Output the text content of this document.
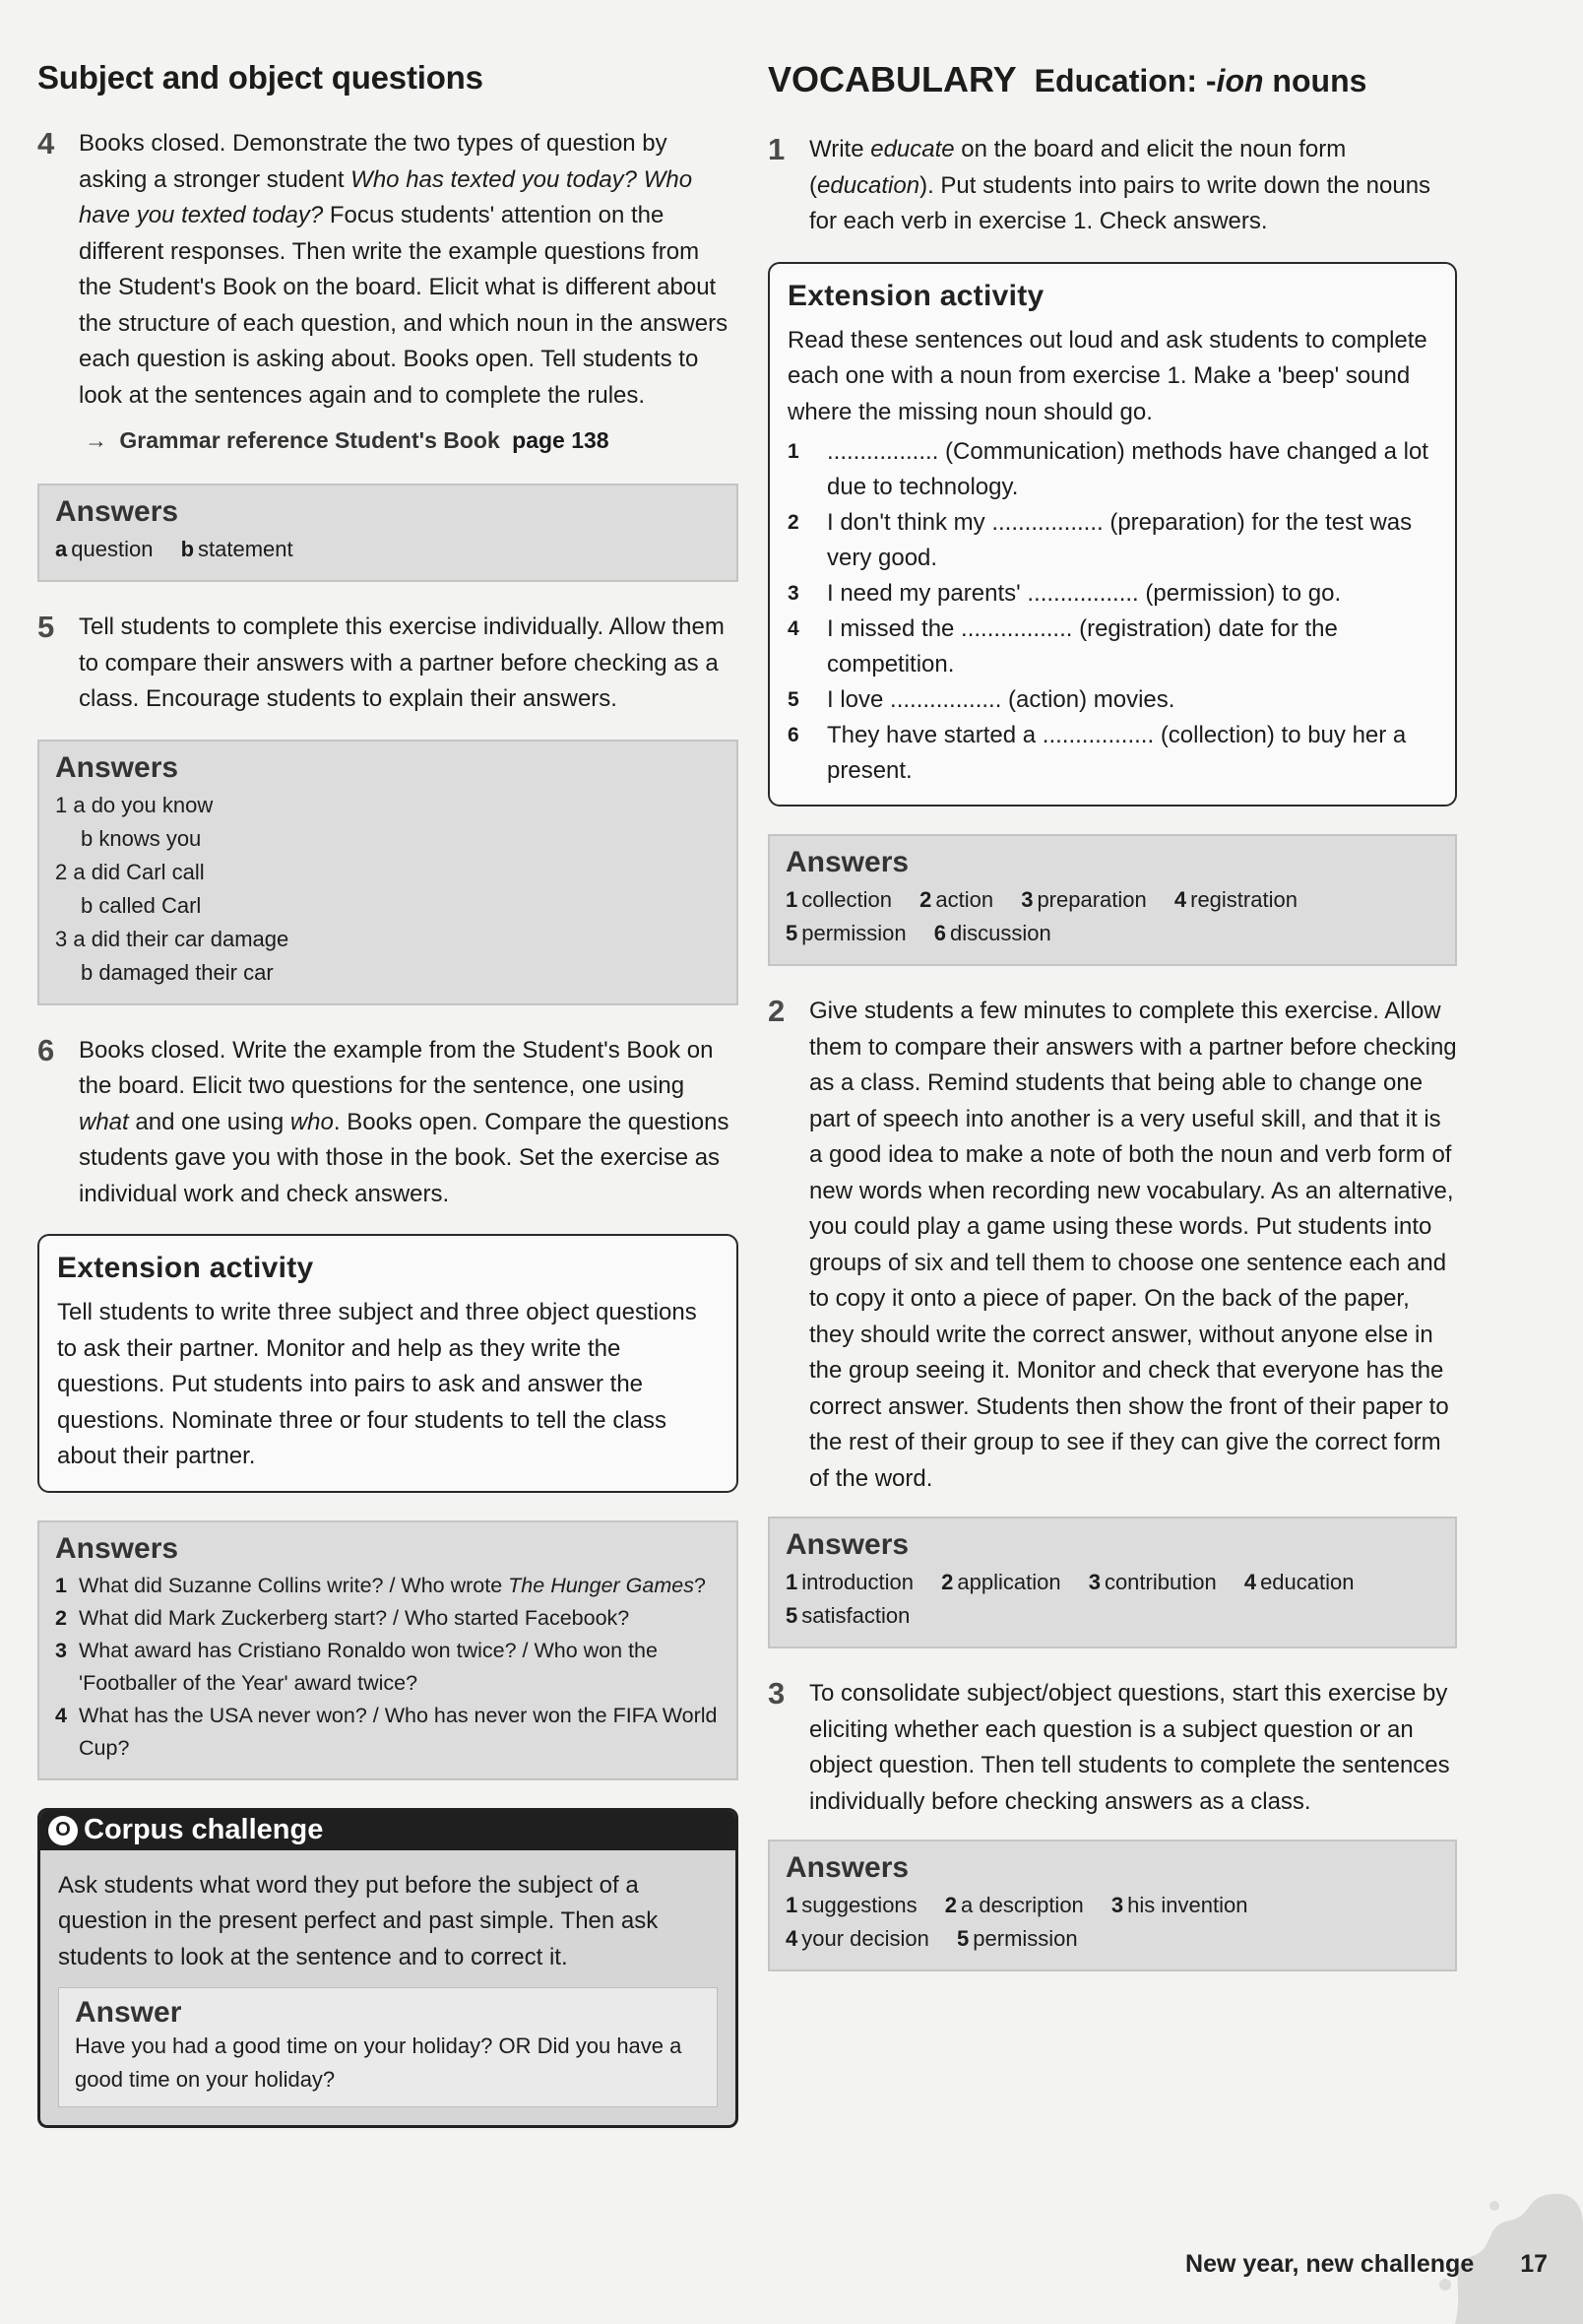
Subject and object questions
4 Books closed. Demonstrate the two types of question by asking a stronger student Who has texted you today? Who have you texted today? Focus students' attention on the different responses. Then write the example questions from the Student's Book on the board. Elicit what is different about the structure of each question, and which noun in the answers each question is asking about. Books open. Tell students to look at the sentences again and to complete the rules.
→ Grammar reference Student's Book page 138
Answers
a question b statement
5 Tell students to complete this exercise individually. Allow them to compare their answers with a partner before checking as a class. Encourage students to explain their answers.
Answers
1 a do you know
b knows you
2 a did Carl call
b called Carl
3 a did their car damage
b damaged their car
6 Books closed. Write the example from the Student's Book on the board. Elicit two questions for the sentence, one using what and one using who. Books open. Compare the questions students gave you with those in the book. Set the exercise as individual work and check answers.
Extension activity
Tell students to write three subject and three object questions to ask their partner. Monitor and help as they write the questions. Put students into pairs to ask and answer the questions. Nominate three or four students to tell the class about their partner.
Answers
1 What did Suzanne Collins write? / Who wrote The Hunger Games?
2 What did Mark Zuckerberg start? / Who started Facebook?
3 What award has Cristiano Ronaldo won twice? / Who won the 'Footballer of the Year' award twice?
4 What has the USA never won? / Who has never won the FIFA World Cup?
O Corpus challenge
Ask students what word they put before the subject of a question in the present perfect and past simple. Then ask students to look at the sentence and to correct it.
Answer
Have you had a good time on your holiday? OR Did you have a good time on your holiday?
VOCABULARY Education: -ion nouns
1 Write educate on the board and elicit the noun form (education). Put students into pairs to write down the nouns for each verb in exercise 1. Check answers.
Extension activity
Read these sentences out loud and ask students to complete each one with a noun from exercise 1. Make a 'beep' sound where the missing noun should go.
1 ................. (Communication) methods have changed a lot due to technology.
2 I don't think my ................. (preparation) for the test was very good.
3 I need my parents' ................. (permission) to go.
4 I missed the ................. (registration) date for the competition.
5 I love ................. (action) movies.
6 They have started a ................. (collection) to buy her a present.
Answers
1 collection 2 action 3 preparation 4 registration
5 permission 6 discussion
2 Give students a few minutes to complete this exercise. Allow them to compare their answers with a partner before checking as a class. Remind students that being able to change one part of speech into another is a very useful skill, and that it is a good idea to make a note of both the noun and verb form of new words when recording new vocabulary. As an alternative, you could play a game using these words. Put students into groups of six and tell them to choose one sentence each and to copy it onto a piece of paper. On the back of the paper, they should write the correct answer, without anyone else in the group seeing it. Monitor and check that everyone has the correct answer. Students then show the front of their paper to the rest of their group to see if they can give the correct form of the word.
Answers
1 introduction 2 application 3 contribution 4 education
5 satisfaction
3 To consolidate subject/object questions, start this exercise by eliciting whether each question is a subject question or an object question. Then tell students to complete the sentences individually before checking answers as a class.
Answers
1 suggestions 2 a description 3 his invention
4 your decision 5 permission
New year, new challenge 17
